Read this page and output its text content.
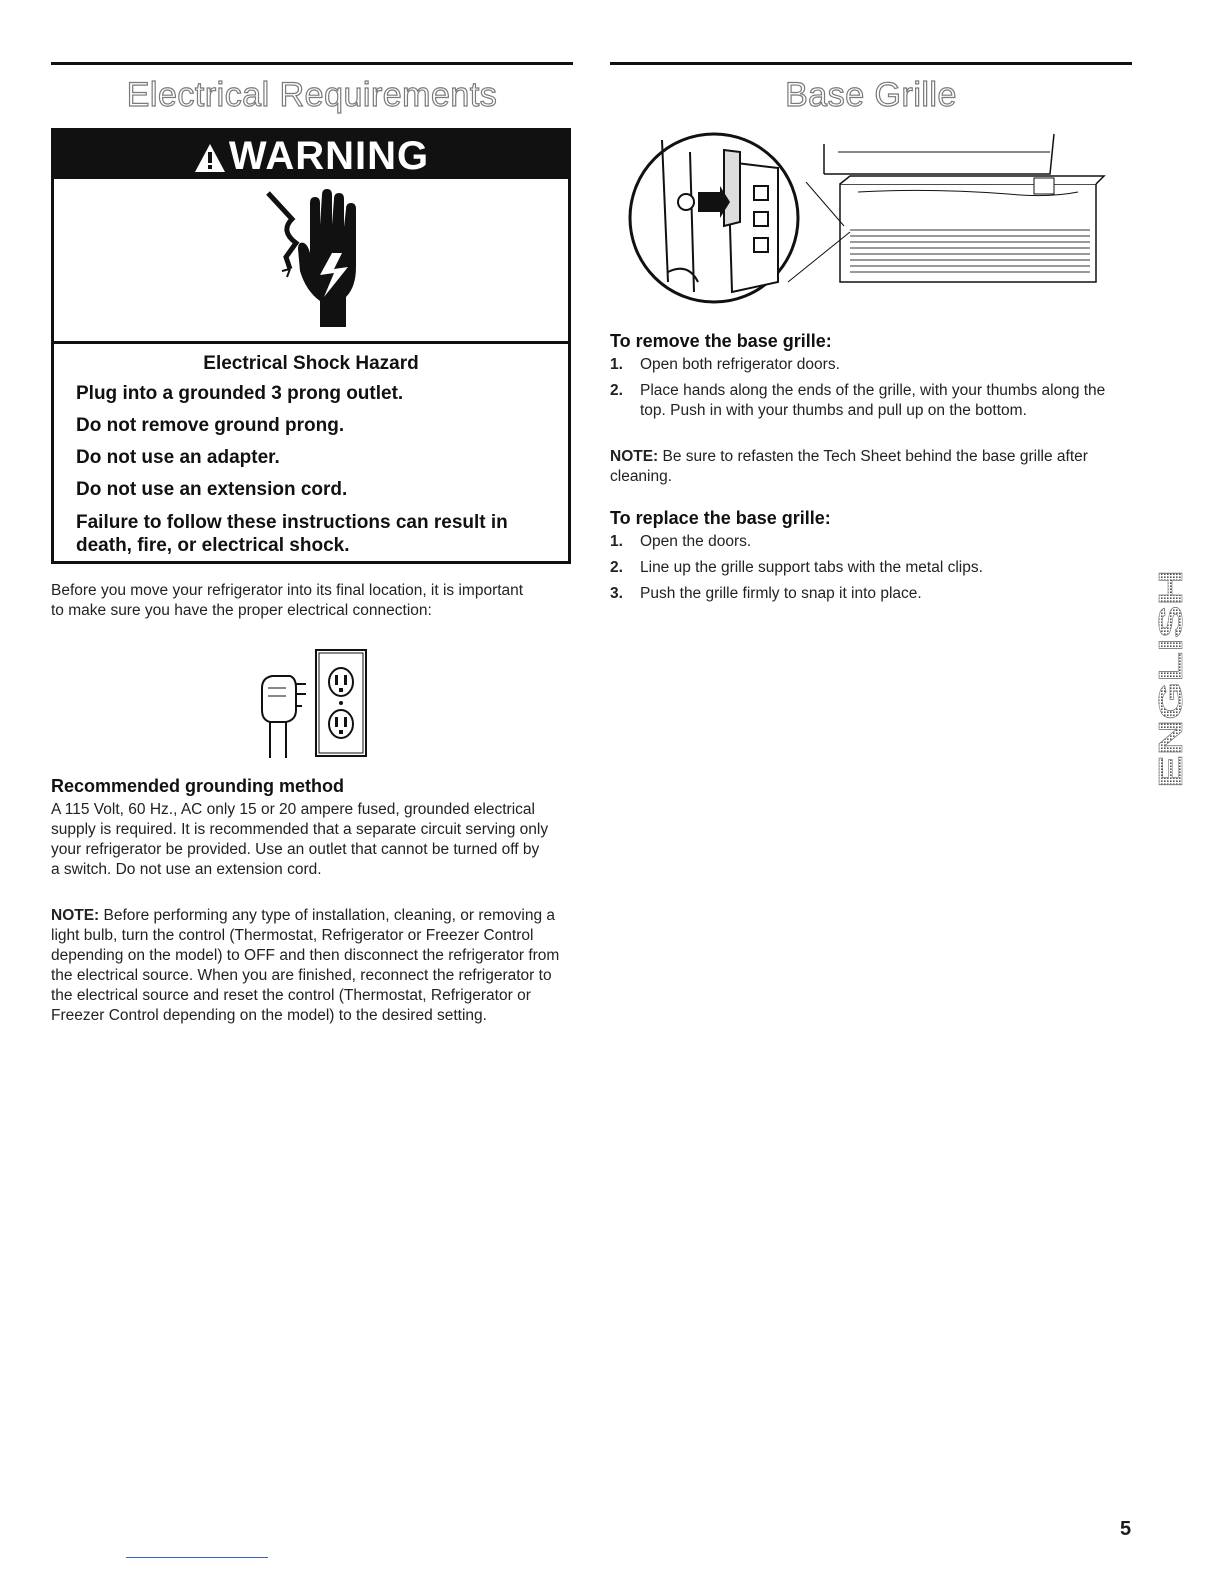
Electrical Requirements	Base Grille
WARNING
Electrical Shock Hazard
Plug into a grounded 3 prong outlet.
Do not remove ground prong.
Do not use an adapter.
Do not use an extension cord.
Failure to follow these instructions can result in death, fire, or electrical shock.
Before you move your refrigerator into its final location, it is important to make sure you have the proper electrical connection:
Recommended grounding method
A 115 Volt, 60 Hz., AC only 15 or 20 ampere fused, grounded electrical supply is required. It is recommended that a separate circuit serving only your refrigerator be provided. Use an outlet that cannot be turned off by a switch. Do not use an extension cord.
NOTE: Before performing any type of installation, cleaning, or removing a light bulb, turn the control (Thermostat, Refrigerator or Freezer Control depending on the model) to OFF and then disconnect the refrigerator from the electrical source. When you are finished, reconnect the refrigerator to the electrical source and reset the control (Thermostat, Refrigerator or Freezer Control depending on the model) to the desired setting.
To remove the base grille:
1. Open both refrigerator doors.
2. Place hands along the ends of the grille, with your thumbs along the top. Push in with your thumbs and pull up on the bottom.
NOTE: Be sure to refasten the Tech Sheet behind the base grille after cleaning.
To replace the base grille:
1. Open the doors.
2. Line up the grille support tabs with the metal clips.
3. Push the grille firmly to snap it into place.
ENGLISH
5
